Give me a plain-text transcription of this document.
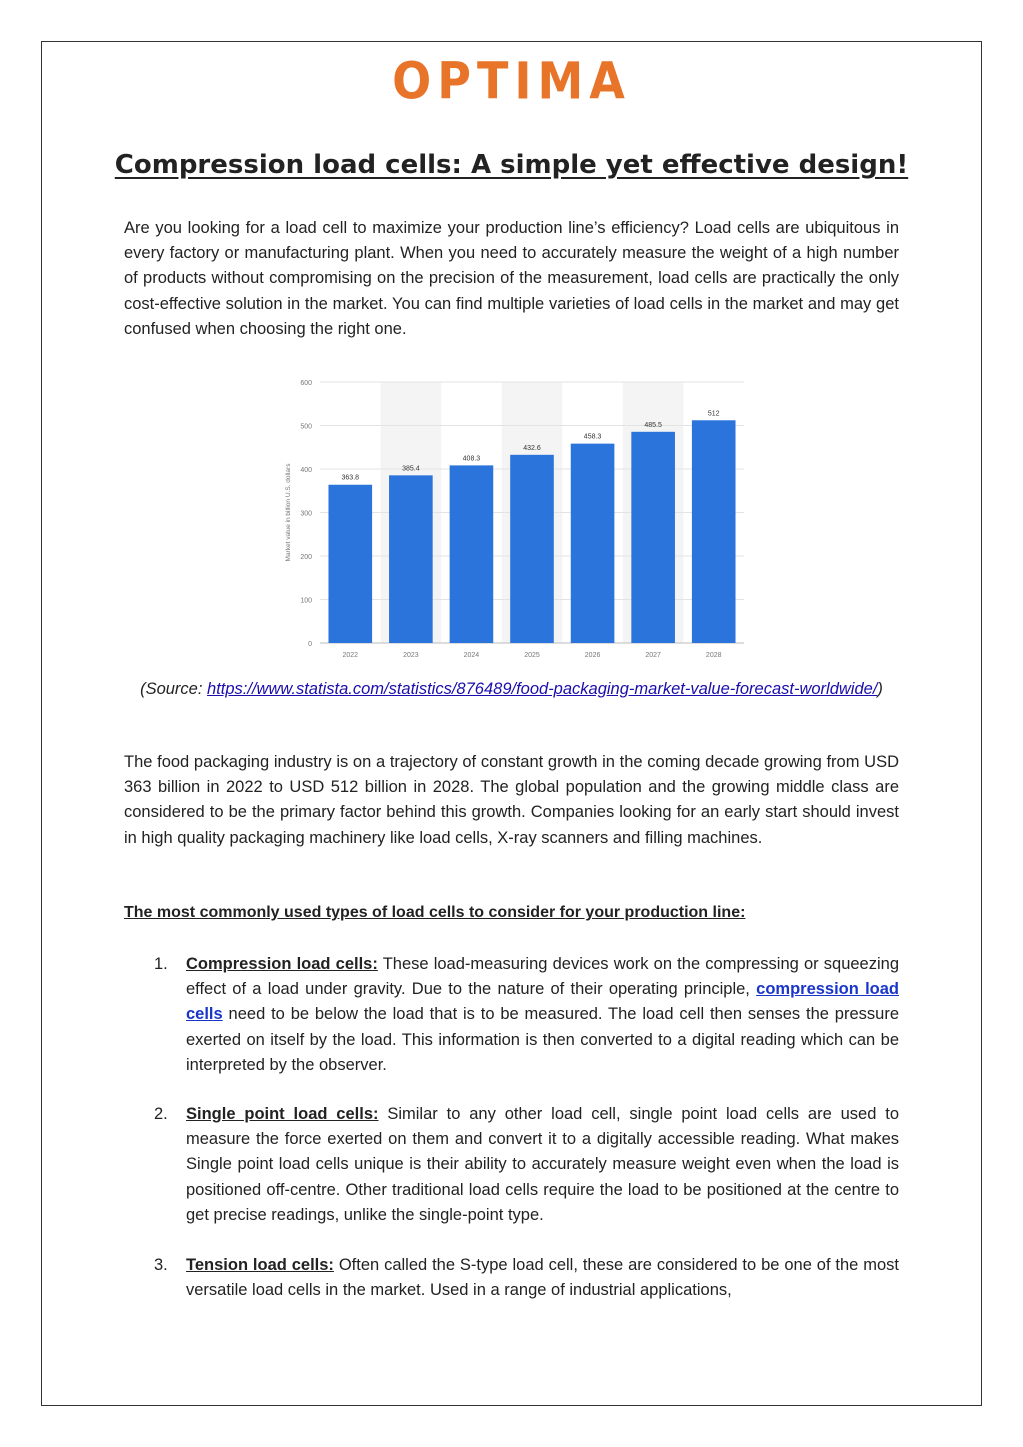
OPTIMA
Compression load cells: A simple yet effective design!

Are you looking for a load cell to maximize your production line’s efficiency? Load cells are ubiquitous in every factory or manufacturing plant. When you need to accurately measure the weight of a high number of products without compromising on the precision of the measurement, load cells are practically the only cost-effective solution in the market. You can find multiple varieties of load cells in the market and may get confused when choosing the right one.

0
100
200
300
400
500
600
Market value in billion U.S. dollars	363.8
2022
385.4
2023
408.3
2024
432.6
2025
458.3
2026
485.5
2027
512
2028

(Source: https://www.statista.com/statistics/876489/food-packaging-market-value-forecast-worldwide/)

The food packaging industry is on a trajectory of constant growth in the coming decade growing from USD 363 billion in 2022 to USD 512 billion in 2028. The global population and the growing middle class are considered to be the primary factor behind this growth. Companies looking for an early start should invest in high quality packaging machinery like load cells, X-ray scanners and filling machines.

The most commonly used types of load cells to consider for your production line:

1. Compression load cells: These load-measuring devices work on the compressing or squeezing effect of a load under gravity. Due to the nature of their operating principle, compression load cells need to be below the load that is to be measured. The load cell then senses the pressure exerted on itself by the load. This information is then converted to a digital reading which can be interpreted by the observer.

2. Single point load cells: Similar to any other load cell, single point load cells are used to measure the force exerted on them and convert it to a digitally accessible reading. What makes Single point load cells unique is their ability to accurately measure weight even when the load is positioned off-centre. Other traditional load cells require the load to be positioned at the centre to get precise readings, unlike the single-point type.

3. Tension load cells: Often called the S-type load cell, these are considered to be one of the most versatile load cells in the market. Used in a range of industrial applications,
